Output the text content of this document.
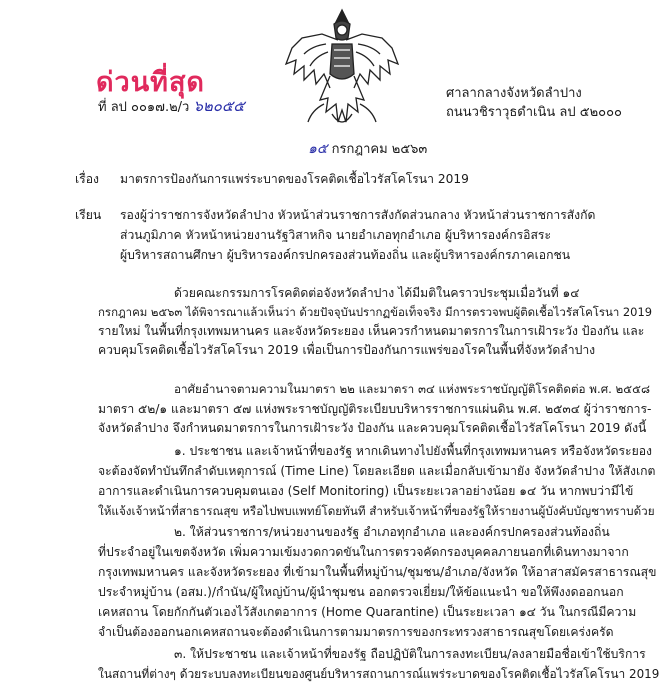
ด่วนที่สุด
ที่ ลป ๐๐๑๗.๒/ว ๖๒๐๕๕
ศาลากลางจังหวัดลำปาง
ถนนวชิราวุธดำเนิน ลป ๕๒๐๐๐
๑๕ กรกฎาคม ๒๕๖๓
เรื่อง มาตรการป้องกันการแพร่ระบาดของโรคติดเชื้อไวรัสโคโรนา 2019
เรียน รองผู้ว่าราชการจังหวัดลำปาง หัวหน้าส่วนราชการสังกัดส่วนกลาง หัวหน้าส่วนราชการสังกัด
ส่วนภูมิภาค หัวหน้าหน่วยงานรัฐวิสาหกิจ นายอำเภอทุกอำเภอ ผู้บริหารองค์กรอิสระ
ผู้บริหารสถานศึกษา ผู้บริหารองค์กรปกครองส่วนท้องถิ่น และผู้บริหารองค์กรภาคเอกชน
ด้วยคณะกรรมการโรคติดต่อจังหวัดลำปาง ได้มีมติในคราวประชุมเมื่อวันที่ ๑๔
กรกฎาคม ๒๕๖๓ ได้พิจารณาแล้วเห็นว่า ด้วยปัจจุบันปรากฏข้อเท็จจริง มีการตรวจพบผู้ติดเชื้อไวรัสโคโรนา 2019
รายใหม่ ในพื้นที่กรุงเทพมหานคร และจังหวัดระยอง เห็นควรกำหนดมาตรการในการเฝ้าระวัง ป้องกัน และ
ควบคุมโรคติดเชื้อไวรัสโคโรนา 2019 เพื่อเป็นการป้องกันการแพร่ของโรคในพื้นที่จังหวัดลำปาง
อาศัยอำนาจตามความในมาตรา ๒๒ และมาตรา ๓๔ แห่งพระราชบัญญัติโรคติดต่อ พ.ศ. ๒๕๕๘
มาตรา ๕๒/๑ และมาตรา ๕๗ แห่งพระราชบัญญัติระเบียบบริหารราชการแผ่นดิน พ.ศ. ๒๕๓๔ ผู้ว่าราชการ-
จังหวัดลำปาง จึงกำหนดมาตรการในการเฝ้าระวัง ป้องกัน และควบคุมโรคติดเชื้อไวรัสโคโรนา 2019 ดังนี้
๑. ประชาชน และเจ้าหน้าที่ของรัฐ หากเดินทางไปยังพื้นที่กรุงเทพมหานคร หรือจังหวัดระยอง
จะต้องจัดทำบันทึกลำดับเหตุการณ์ (Time Line) โดยละเอียด และเมื่อกลับเข้ามายัง จังหวัดลำปาง ให้สังเกต
อาการและดำเนินการควบคุมตนเอง (Self Monitoring) เป็นระยะเวลาอย่างน้อย ๑๔ วัน หากพบว่ามีไข้
ให้แจ้งเจ้าหน้าที่สาธารณสุข หรือไปพบแพทย์โดยทันที สำหรับเจ้าหน้าที่ของรัฐให้รายงานผู้บังคับบัญชาทราบด้วย
๒. ให้ส่วนราชการ/หน่วยงานของรัฐ อำเภอทุกอำเภอ และองค์กรปกครองส่วนท้องถิ่น
ที่ประจำอยู่ในเขตจังหวัด เพิ่มความเข้มงวดกวดขันในการตรวจคัดกรองบุคคลภายนอกที่เดินทางมาจาก
กรุงเทพมหานคร และจังหวัดระยอง ที่เข้ามาในพื้นที่หมู่บ้าน/ชุมชน/อำเภอ/จังหวัด ให้อาสาสมัครสาธารณสุข
ประจำหมู่บ้าน (อสม.)/กำนัน/ผู้ใหญ่บ้าน/ผู้นำชุมชน ออกตรวจเยี่ยม/ให้ข้อแนะนำ ขอให้พึงงดออกนอก
เคหสถาน โดยกักกันตัวเองไว้สังเกตอาการ (Home Quarantine) เป็นระยะเวลา ๑๔ วัน ในกรณีมีความ
จำเป็นต้องออกนอกเคหสถานจะต้องดำเนินการตามมาตรการของกระทรวงสาธารณสุขโดยเคร่งครัด
๓. ให้ประชาชน และเจ้าหน้าที่ของรัฐ ถือปฏิบัติในการลงทะเบียน/ลงลายมือชื่อเข้าใช้บริการ
ในสถานที่ต่างๆ ด้วยระบบลงทะเบียนของศูนย์บริหารสถานการณ์แพร่ระบาดของโรคติดเชื้อไวรัสโคโรนา 2019
